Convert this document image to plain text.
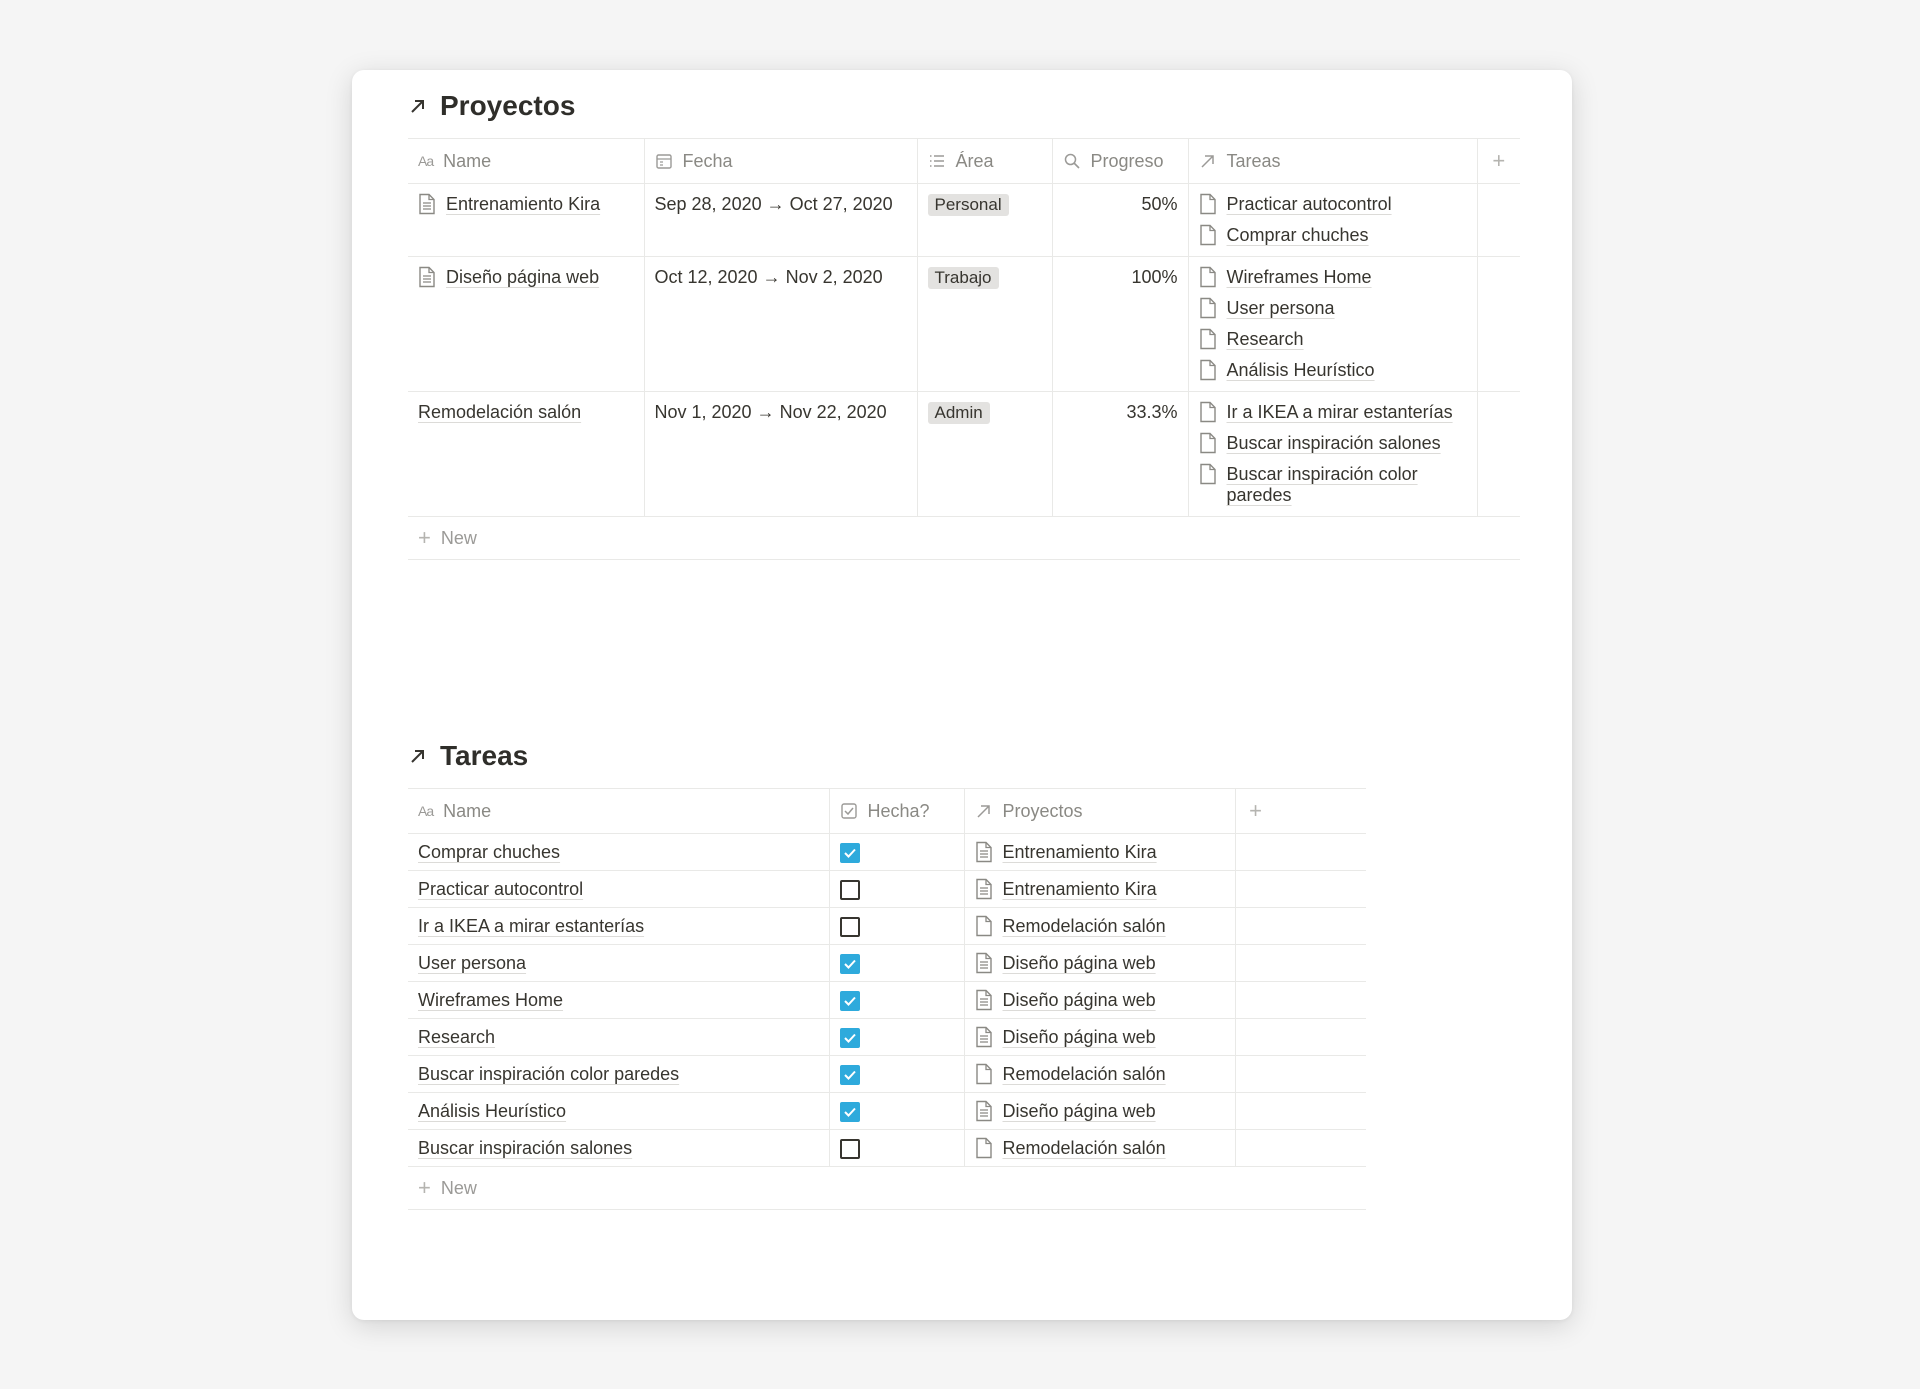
Proyectos
Aa Name	Fecha	Área	Progreso	Tareas	+

Entrenamiento Kira	Sep 28, 2020 → Oct 27, 2020	Personal	50%	Practicar autocontrol
Comprar chuches	

Diseño página web	Oct 12, 2020 → Nov 2, 2020	Trabajo	100%	Wireframes Home
User persona
Research
Análisis Heurístico	

Remodelación salón	Nov 1, 2020 → Nov 22, 2020	Admin	33.3%	Ir a IKEA a mirar estanterías
Buscar inspiración salones
Buscar inspiración color paredes	

+ New
Tareas
Aa Name	Hecha?	Proyectos	+

Comprar chuches		Entrenamiento Kira	

Practicar autocontrol		Entrenamiento Kira	

Ir a IKEA a mirar estanterías		Remodelación salón	

User persona		Diseño página web	

Wireframes Home		Diseño página web	

Research		Diseño página web	

Buscar inspiración color paredes		Remodelación salón	

Análisis Heurístico		Diseño página web	

Buscar inspiración salones		Remodelación salón	

+ New
